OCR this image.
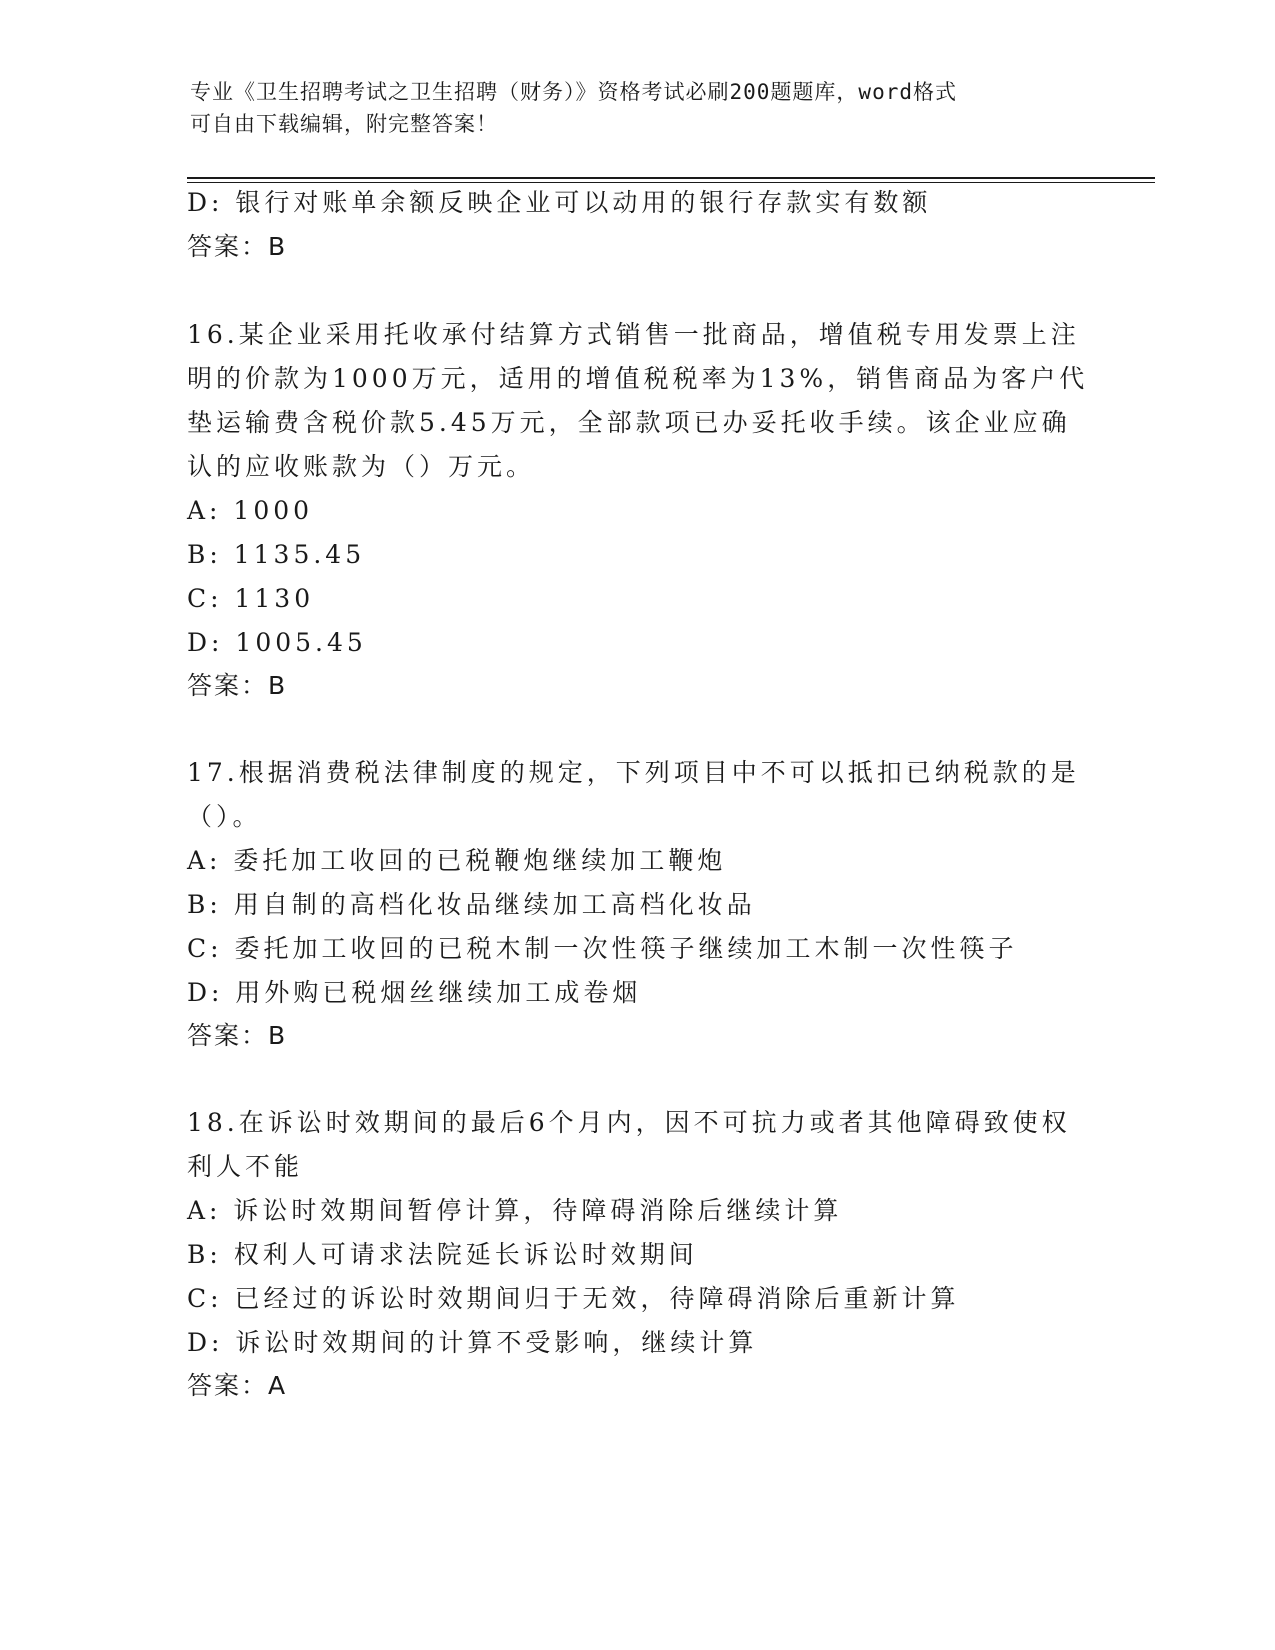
专业《卫生招聘考试之卫生招聘（财务）》资格考试必刷200题题库，word格式
可自由下载编辑，附完整答案！
D: 银行对账单余额反映企业可以动用的银行存款实有数额
答案：B
16.某企业采用托收承付结算方式销售一批商品，增值税专用发票上注
明的价款为1000万元，适用的增值税税率为13%，销售商品为客户代
垫运输费含税价款5.45万元，全部款项已办妥托收手续。该企业应确
认的应收账款为（）万元。
A: 1000
B: 1135.45
C: 1130
D: 1005.45
答案：B
17.根据消费税法律制度的规定，下列项目中不可以抵扣已纳税款的是
（）。
A: 委托加工收回的已税鞭炮继续加工鞭炮
B: 用自制的高档化妆品继续加工高档化妆品
C: 委托加工收回的已税木制一次性筷子继续加工木制一次性筷子
D: 用外购已税烟丝继续加工成卷烟
答案：B
18.在诉讼时效期间的最后6个月内，因不可抗力或者其他障碍致使权
利人不能
A: 诉讼时效期间暂停计算，待障碍消除后继续计算
B: 权利人可请求法院延长诉讼时效期间
C: 已经过的诉讼时效期间归于无效，待障碍消除后重新计算
D: 诉讼时效期间的计算不受影响，继续计算
答案：A
